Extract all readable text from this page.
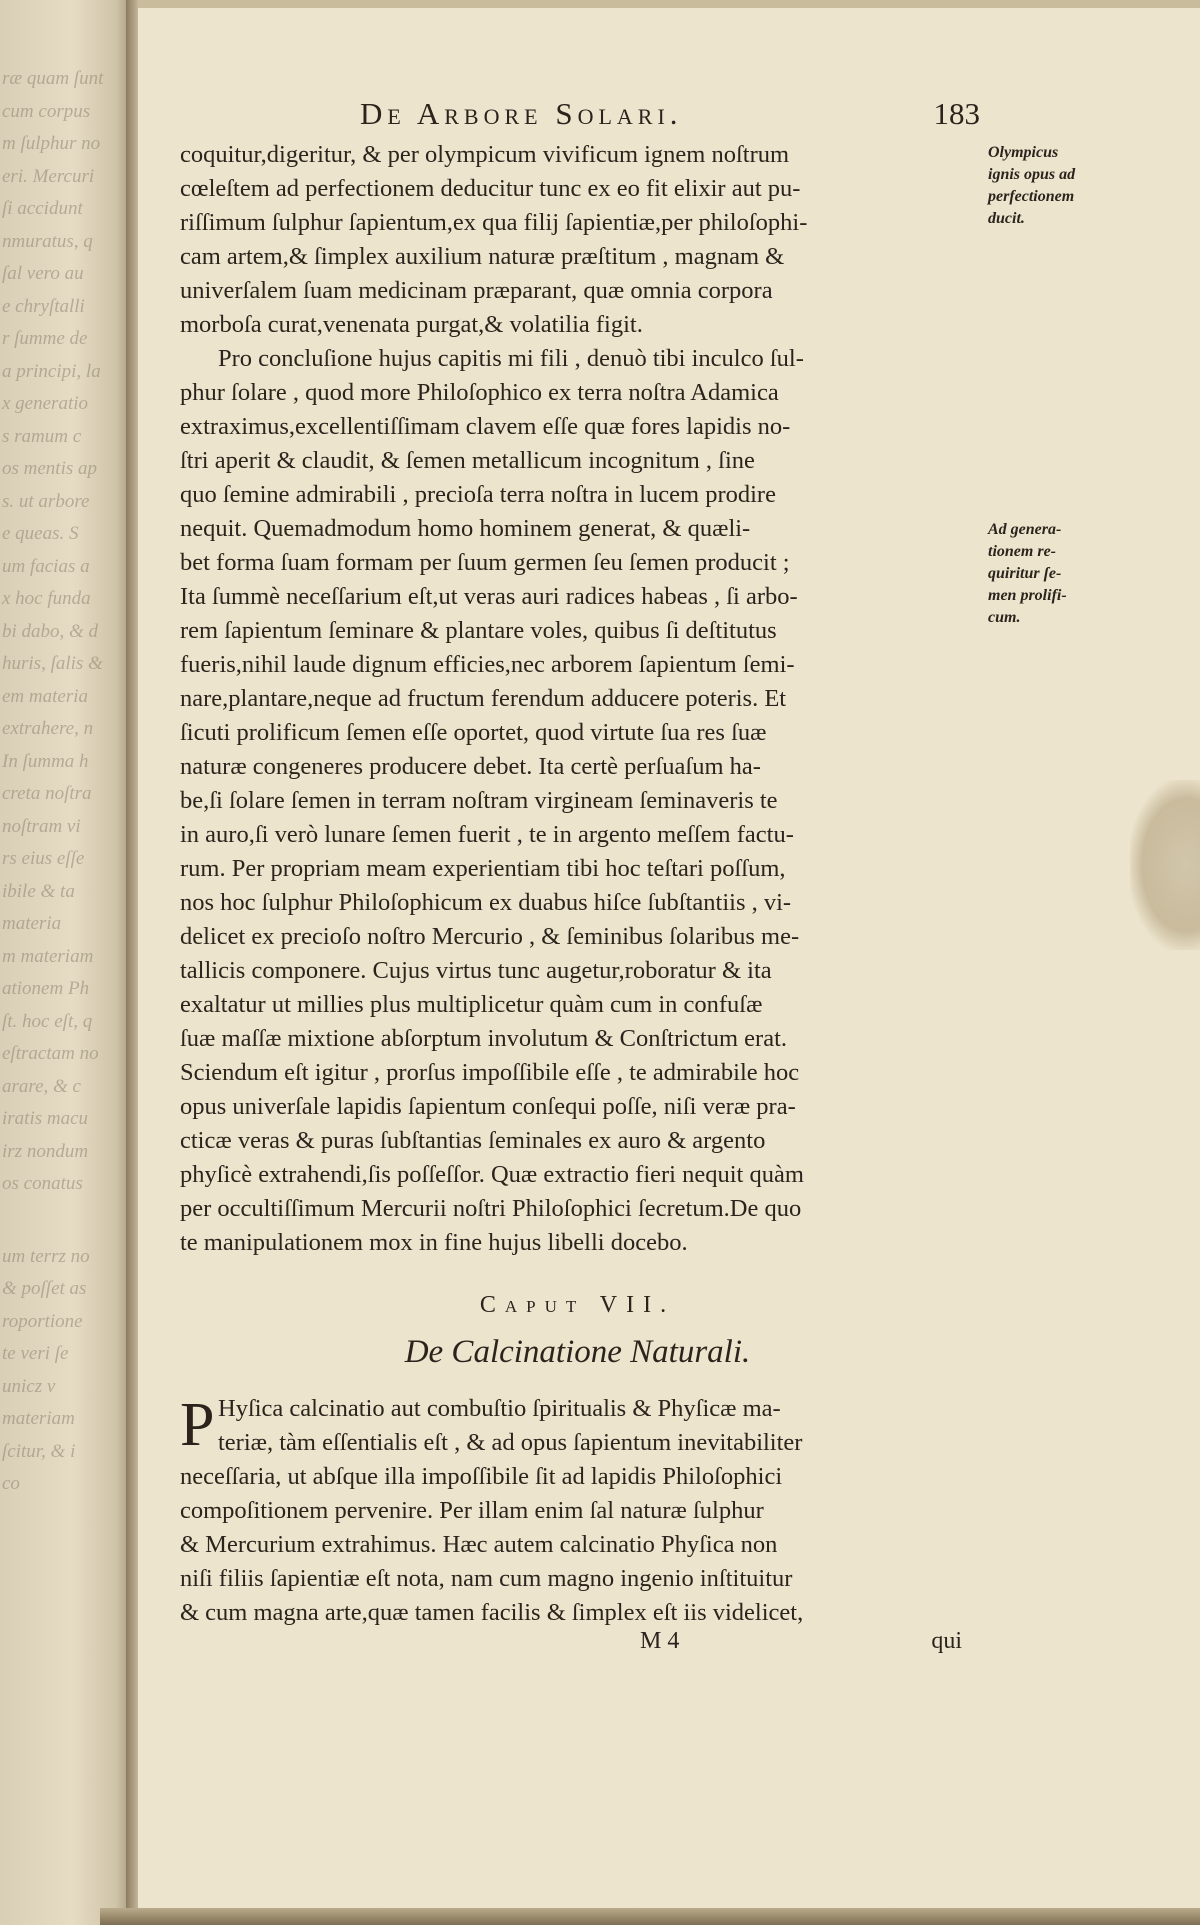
ræ quam ſunt
cum corpus
m ſulphur no
eri. Mercuri
ſi accidunt
nmuratus, q
ſal vero au
e chryſtalli
r ſumme de
a principi, la
x generatio
s ramum c
os mentis ap
s. ut arbore
e queas. S
um facias a
x hoc funda
bi dabo, & d
huris, ſalis &
em materia
extrahere, n
In ſumma h
creta noſtra
noſtram vi
rs eius eſſe
ibile & ta
materia
m materiam
ationem Ph
ſt. hoc eſt, q
eſtractam no
arare, & c
iratis macu
irz nondum
os conatus
um terrz no
& poſſet as
roportione
te veri ſe
unicz v
materiam
ſcitur, & i
co
De Arbore Solari.	183
coquitur,digeritur, & per olympicum vivificum ignem noſtrum
cœleſtem ad perfectionem deducitur tunc ex eo fit elixir aut pu-
riſſimum ſulphur ſapientum,ex qua filij ſapientiæ,per philoſophi-
cam artem,& ſimplex auxilium naturæ præſtitum , magnam &
univerſalem ſuam medicinam præparant, quæ omnia corpora
morboſa curat,venenata purgat,& volatilia figit.
Pro concluſione hujus capitis mi fili , denuò tibi inculco ſul-
phur ſolare , quod more Philoſophico ex terra noſtra Adamica
extraximus,excellentiſſimam clavem eſſe quæ fores lapidis no-
ſtri aperit & claudit, & ſemen metallicum incognitum , ſine
quo ſemine admirabili , precioſa terra noſtra in lucem prodire
nequit. Quemadmodum homo hominem generat, & quæli-
bet forma ſuam formam per ſuum germen ſeu ſemen producit ;
Ita ſummè neceſſarium eſt,ut veras auri radices habeas , ſi arbo-
rem ſapientum ſeminare & plantare voles, quibus ſi deſtitutus
fueris,nihil laude dignum efficies,nec arborem ſapientum ſemi-
nare,plantare,neque ad fructum ferendum adducere poteris. Et
ſicuti prolificum ſemen eſſe oportet, quod virtute ſua res ſuæ
naturæ congeneres producere debet. Ita certè perſuaſum ha-
be,ſi ſolare ſemen in terram noſtram virgineam ſeminaveris te
in auro,ſi verò lunare ſemen fuerit , te in argento meſſem factu-
rum. Per propriam meam experientiam tibi hoc teſtari poſſum,
nos hoc ſulphur Philoſophicum ex duabus hiſce ſubſtantiis , vi-
delicet ex precioſo noſtro Mercurio , & ſeminibus ſolaribus me-
tallicis componere. Cujus virtus tunc augetur,roboratur & ita
exaltatur ut millies plus multiplicetur quàm cum in confuſæ
ſuæ maſſæ mixtione abſorptum involutum & Conſtrictum erat.
Sciendum eſt igitur , prorſus impoſſibile eſſe , te admirabile hoc
opus univerſale lapidis ſapientum conſequi poſſe, niſi veræ pra-
cticæ veras & puras ſubſtantias ſeminales ex auro & argento
phyſicè extrahendi,ſis poſſeſſor. Quæ extractio fieri nequit quàm
per occultiſſimum Mercurii noſtri Philoſophici ſecretum.De quo
te manipulationem mox in fine hujus libelli docebo.
Olympicus
ignis opus ad
perfectionem
ducit.
Ad genera-
tionem re-
quiritur ſe-
men prolifi-
cum.
Caput VII.
De Calcinatione Naturali.
P Hyſica calcinatio aut combuſtio ſpiritualis & Phyſicæ ma-
teriæ, tàm eſſentialis eſt , & ad opus ſapientum inevitabiliter
neceſſaria, ut abſque illa impoſſibile ſit ad lapidis Philoſophici
compoſitionem pervenire. Per illam enim ſal naturæ ſulphur
& Mercurium extrahimus. Hæc autem calcinatio Phyſica non
niſi filiis ſapientiæ eſt nota, nam cum magno ingenio inſtituitur
& cum magna arte,quæ tamen facilis & ſimplex eſt iis videlicet,
M 4	qui
